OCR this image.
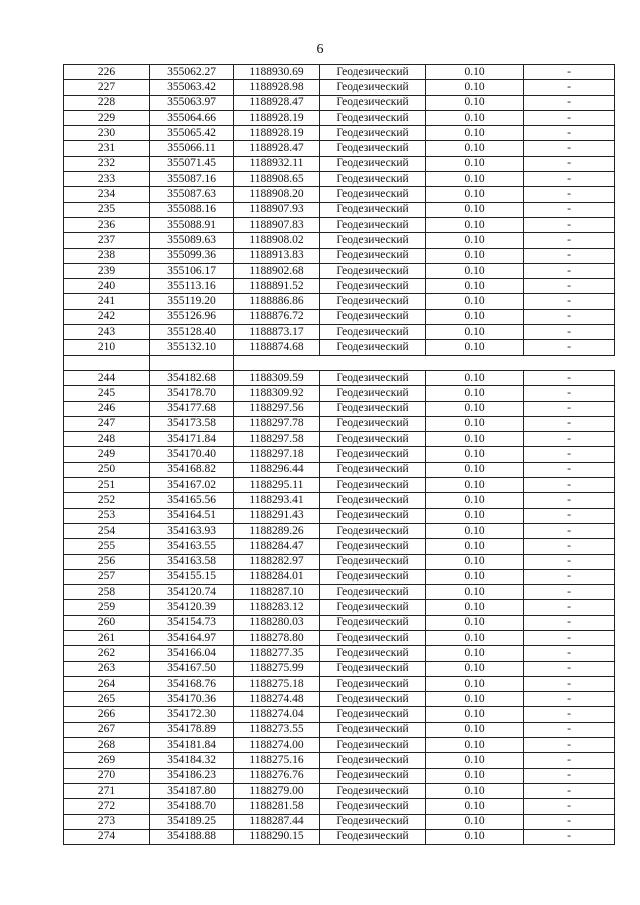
6
226	355062.27	1188930.69	Геодезический	0.10	-
227	355063.42	1188928.98	Геодезический	0.10	-
228	355063.97	1188928.47	Геодезический	0.10	-
229	355064.66	1188928.19	Геодезический	0.10	-
230	355065.42	1188928.19	Геодезический	0.10	-
231	355066.11	1188928.47	Геодезический	0.10	-
232	355071.45	1188932.11	Геодезический	0.10	-
233	355087.16	1188908.65	Геодезический	0.10	-
234	355087.63	1188908.20	Геодезический	0.10	-
235	355088.16	1188907.93	Геодезический	0.10	-
236	355088.91	1188907.83	Геодезический	0.10	-
237	355089.63	1188908.02	Геодезический	0.10	-
238	355099.36	1188913.83	Геодезический	0.10	-
239	355106.17	1188902.68	Геодезический	0.10	-
240	355113.16	1188891.52	Геодезический	0.10	-
241	355119.20	1188886.86	Геодезический	0.10	-
242	355126.96	1188876.72	Геодезический	0.10	-
243	355128.40	1188873.17	Геодезический	0.10	-
210	355132.10	1188874.68	Геодезический	0.10	-

244	354182.68	1188309.59	Геодезический	0.10	-
245	354178.70	1188309.92	Геодезический	0.10	-
246	354177.68	1188297.56	Геодезический	0.10	-
247	354173.58	1188297.78	Геодезический	0.10	-
248	354171.84	1188297.58	Геодезический	0.10	-
249	354170.40	1188297.18	Геодезический	0.10	-
250	354168.82	1188296.44	Геодезический	0.10	-
251	354167.02	1188295.11	Геодезический	0.10	-
252	354165.56	1188293.41	Геодезический	0.10	-
253	354164.51	1188291.43	Геодезический	0.10	-
254	354163.93	1188289.26	Геодезический	0.10	-
255	354163.55	1188284.47	Геодезический	0.10	-
256	354163.58	1188282.97	Геодезический	0.10	-
257	354155.15	1188284.01	Геодезический	0.10	-
258	354120.74	1188287.10	Геодезический	0.10	-
259	354120.39	1188283.12	Геодезический	0.10	-
260	354154.73	1188280.03	Геодезический	0.10	-
261	354164.97	1188278.80	Геодезический	0.10	-
262	354166.04	1188277.35	Геодезический	0.10	-
263	354167.50	1188275.99	Геодезический	0.10	-
264	354168.76	1188275.18	Геодезический	0.10	-
265	354170.36	1188274.48	Геодезический	0.10	-
266	354172.30	1188274.04	Геодезический	0.10	-
267	354178.89	1188273.55	Геодезический	0.10	-
268	354181.84	1188274.00	Геодезический	0.10	-
269	354184.32	1188275.16	Геодезический	0.10	-
270	354186.23	1188276.76	Геодезический	0.10	-
271	354187.80	1188279.00	Геодезический	0.10	-
272	354188.70	1188281.58	Геодезический	0.10	-
273	354189.25	1188287.44	Геодезический	0.10	-
274	354188.88	1188290.15	Геодезический	0.10	-
